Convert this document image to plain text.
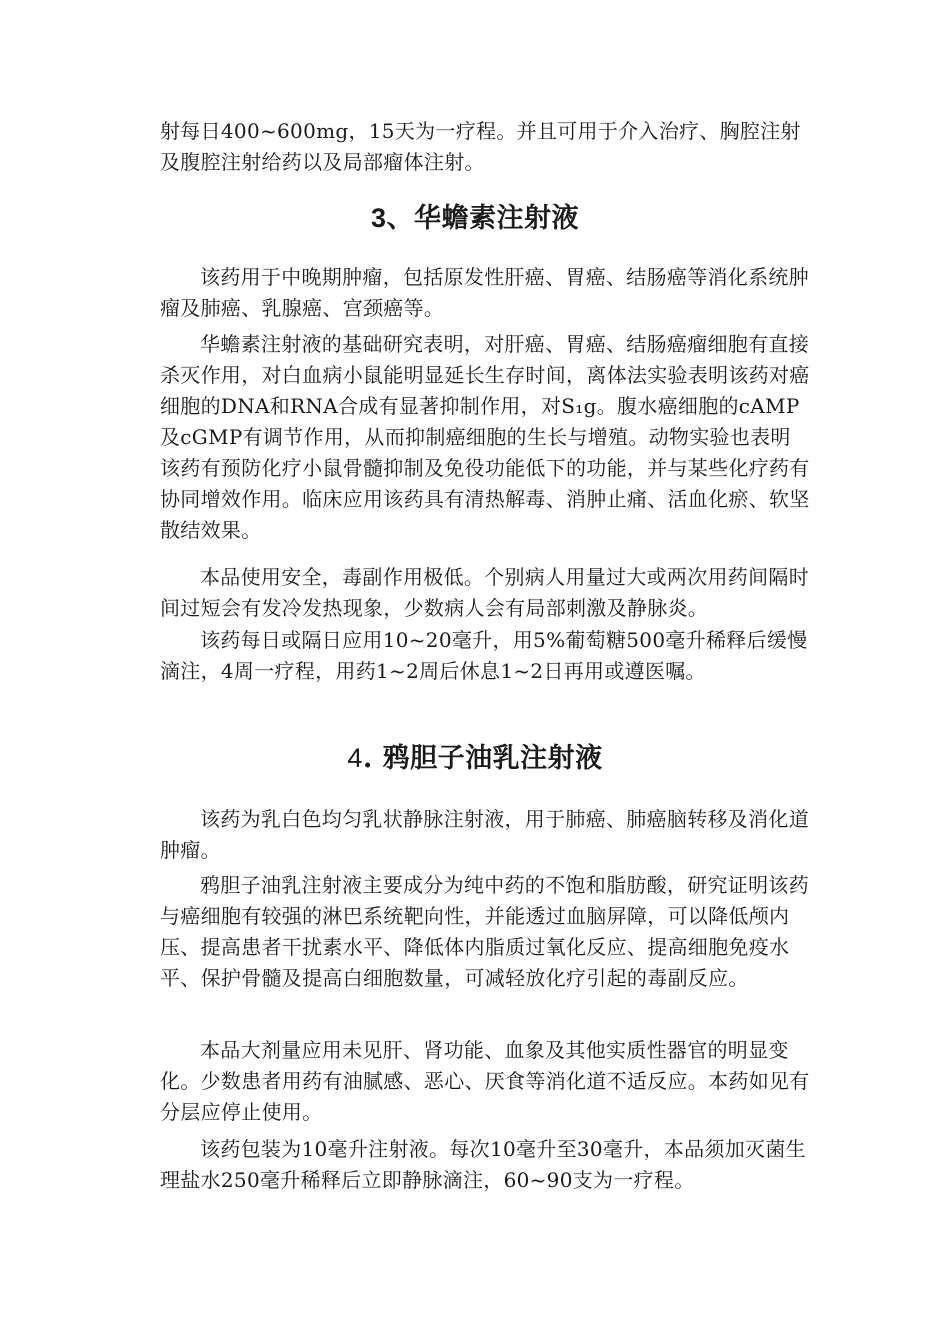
射每日400~600mg，15天为一疗程。并且可用于介入治疗、胸腔注射及腹腔注射给药以及局部瘤体注射。

3、华蟾素注射液

该药用于中晚期肿瘤，包括原发性肝癌、胃癌、结肠癌等消化系统肿瘤及肺癌、乳腺癌、宫颈癌等。

华蟾素注射液的基础研究表明，对肝癌、胃癌、结肠癌瘤细胞有直接杀灭作用，对白血病小鼠能明显延长生存时间，离体法实验表明该药对癌细胞的DNA和RNA合成有显著抑制作用，对S₁g。腹水癌细胞的cAMP及cGMP有调节作用，从而抑制癌细胞的生长与增殖。动物实验也表明该药有预防化疗小鼠骨髓抑制及免役功能低下的功能，并与某些化疗药有协同增效作用。临床应用该药具有清热解毒、消肿止痛、活血化瘀、软坚散结效果。

本品使用安全，毒副作用极低。个别病人用量过大或两次用药间隔时间过短会有发冷发热现象，少数病人会有局部刺激及静脉炎。

该药每日或隔日应用10~20毫升，用5%葡萄糖500毫升稀释后缓慢滴注，4周一疗程，用药1~2周后休息1~2日再用或遵医嘱。

4. 鸦胆子油乳注射液

该药为乳白色均匀乳状静脉注射液，用于肺癌、肺癌脑转移及消化道肿瘤。

鸦胆子油乳注射液主要成分为纯中药的不饱和脂肪酸，研究证明该药与癌细胞有较强的淋巴系统靶向性，并能透过血脑屏障，可以降低颅内压、提高患者干扰素水平、降低体内脂质过氧化反应、提高细胞免疫水平、保护骨髓及提高白细胞数量，可减轻放化疗引起的毒副反应。

本品大剂量应用未见肝、肾功能、血象及其他实质性器官的明显变化。少数患者用药有油腻感、恶心、厌食等消化道不适反应。本药如见有分层应停止使用。

该药包装为10毫升注射液。每次10毫升至30毫升，本品须加灭菌生理盐水250毫升稀释后立即静脉滴注，60~90支为一疗程。
